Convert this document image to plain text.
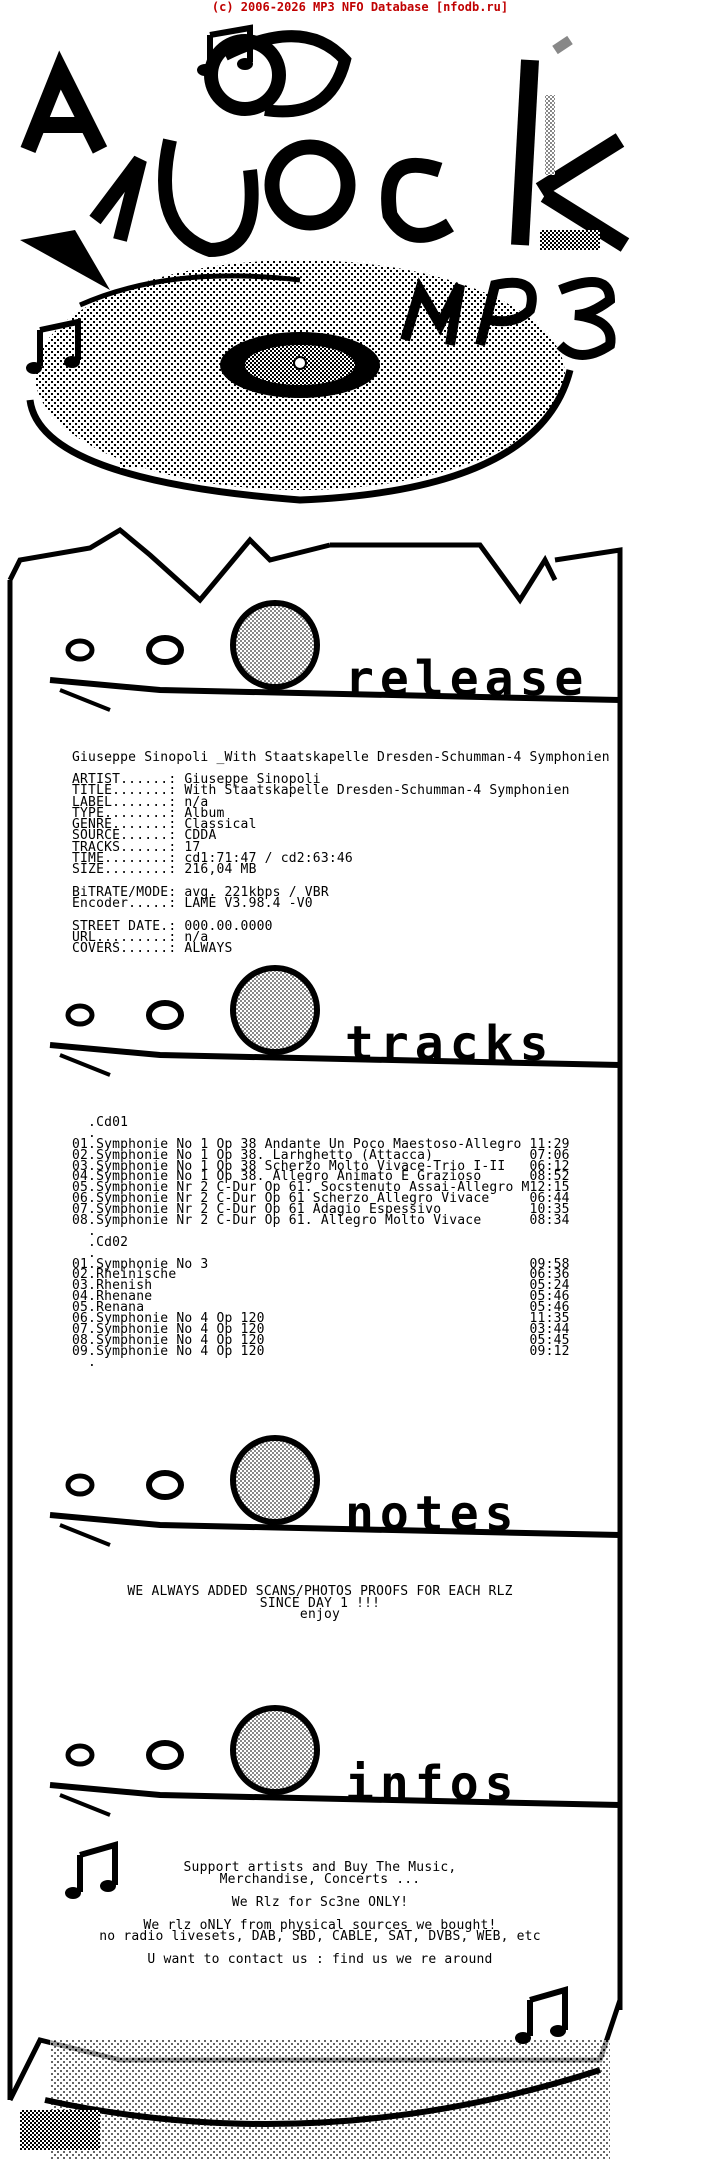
(c) 2006-2026 MP3 NFO Database [nfodb.ru]
release
tracks
notes
infos
Giuseppe Sinopoli _With Staatskapelle Dresden-Schumman-4 Symphonien
ARTIST......: Giuseppe Sinopoli
TITLE.......: With Staatskapelle Dresden-Schumman-4 Symphonien
LABEL.......: n/a
TYPE........: Album
GENRE.......: Classical
SOURCE......: CDDA
TRACKS......: 17
TIME........: cd1:71:47 / cd2:63:46
SIZE........: 216,04 MB
BiTRATE/MODE: avg. 221kbps / VBR
Encoder.....: LAME V3.98.4 -V0
STREET DATE.: 000.00.0000
URL.........: n/a
COVERS......: ALWAYS
.Cd01
.
01.Symphonie No 1 Op 38 Andante Un Poco Maestoso-Allegro 11:29
02.Symphonie No 1 Op 38. Larhghetto (Attacca)            07:06
03.Symphonie No 1 Op 38 Scherzo Molto Vivace-Trio I-II   06:12
04.Symphonie No 1 Op 38. Allegro Animato E Grazioso      08:52
05.Symphonie Nr 2 C-Dur Op 61. Socstenuto Assai-Allegro M12:15
06.Symphonie Nr 2 C-Dur Op 61 Scherzo Allegro Vivace     06:44
07.Symphonie Nr 2 C-Dur Op 61 Adagio Espessivo           10:35
08.Symphonie Nr 2 C-Dur Op 61. Allegro Molto Vivace      08:34
.
.Cd02
.
01.Symphonie No 3                                        09:58
02.Rheinische                                            06:36
03.Rhenish                                               05:24
04.Rhenane                                               05:46
05.Renana                                                05:46
06.Symphonie No 4 Op 120                                 11:35
07.Symphonie No 4 Op 120                                 03:44
08.Symphonie No 4 Op 120                                 05:45
09.Symphonie No 4 Op 120                                 09:12
.
WE ALWAYS ADDED SCANS/PHOTOS PROOFS FOR EACH RLZ
SINCE DAY 1 !!!
enjoy
Support artists and Buy The Music,
Merchandise, Concerts ...
We Rlz for Sc3ne ONLY!
We rlz oNLY from physical sources we bought!
no radio livesets, DAB, SBD, CABLE, SAT, DVBS, WEB, etc
U want to contact us : find us we re around
